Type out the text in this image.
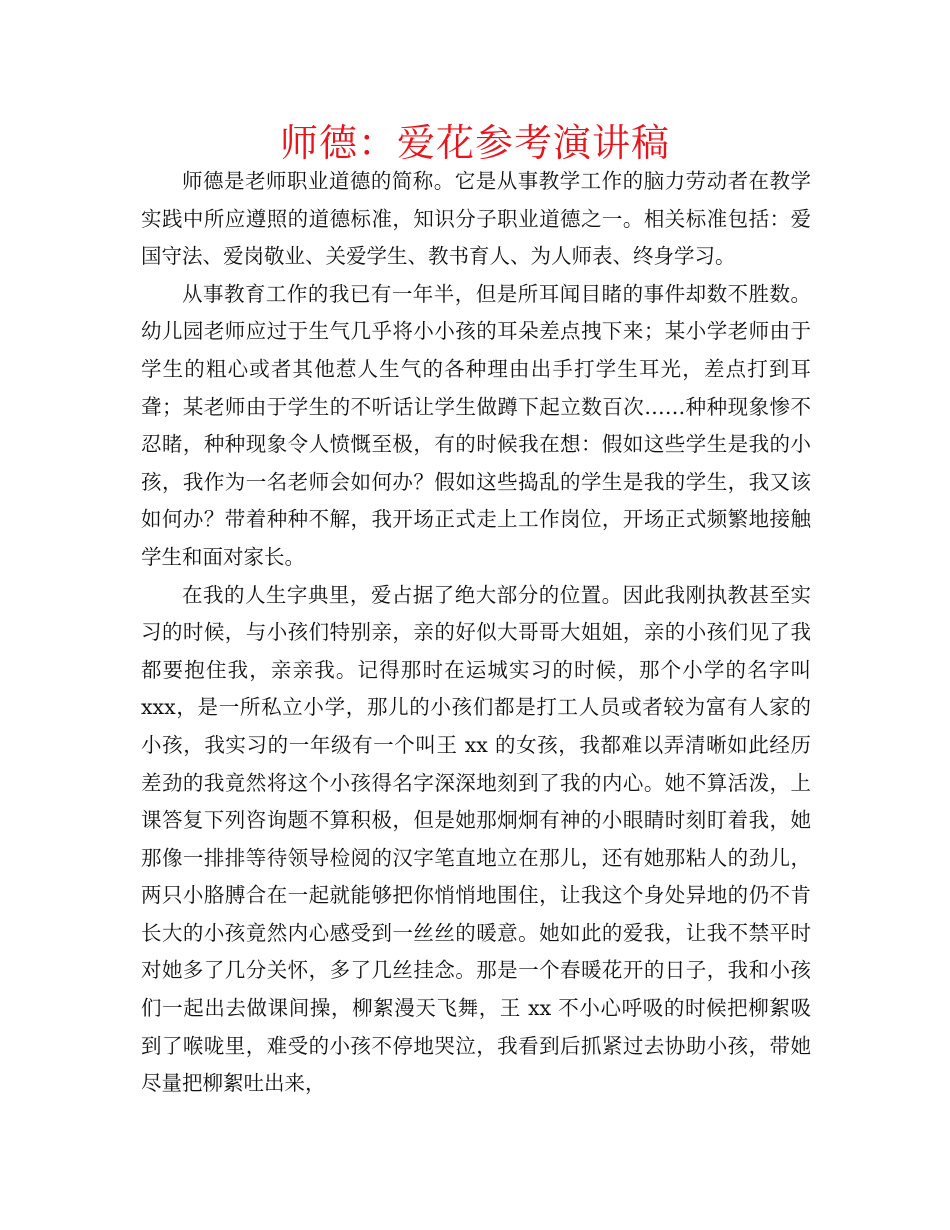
师德：爱花参考演讲稿

师德是老师职业道德的简称。它是从事教学工作的脑力劳动者在教学实践中所应遵照的道德标准，知识分子职业道德之一。相关标准包括：爱国守法、爱岗敬业、关爱学生、教书育人、为人师表、终身学习。

从事教育工作的我已有一年半，但是所耳闻目睹的事件却数不胜数。幼儿园老师应过于生气几乎将小小孩的耳朵差点拽下来；某小学老师由于学生的粗心或者其他惹人生气的各种理由出手打学生耳光，差点打到耳聋；某老师由于学生的不听话让学生做蹲下起立数百次……种种现象惨不忍睹，种种现象令人愤慨至极，有的时候我在想：假如这些学生是我的小孩，我作为一名老师会如何办？假如这些捣乱的学生是我的学生，我又该如何办？带着种种不解，我开场正式走上工作岗位，开场正式频繁地接触学生和面对家长。

在我的人生字典里，爱占据了绝大部分的位置。因此我刚执教甚至实习的时候，与小孩们特别亲，亲的好似大哥哥大姐姐，亲的小孩们见了我都要抱住我，亲亲我。记得那时在运城实习的时候，那个小学的名字叫 xxx，是一所私立小学，那儿的小孩们都是打工人员或者较为富有人家的小孩，我实习的一年级有一个叫王 xx 的女孩，我都难以弄清晰如此经历差劲的我竟然将这个小孩得名字深深地刻到了我的内心。她不算活泼，上课答复下列咨询题不算积极，但是她那炯炯有神的小眼睛时刻盯着我，她那像一排排等待领导检阅的汉字笔直地立在那儿，还有她那粘人的劲儿，两只小胳膊合在一起就能够把你悄悄地围住，让我这个身处异地的仍不肯长大的小孩竟然内心感受到一丝丝的暖意。她如此的爱我，让我不禁平时对她多了几分关怀，多了几丝挂念。那是一个春暖花开的日子，我和小孩们一起出去做课间操，柳絮漫天飞舞，王 xx 不小心呼吸的时候把柳絮吸到了喉咙里，难受的小孩不停地哭泣，我看到后抓紧过去协助小孩，带她尽量把柳絮吐出来，
